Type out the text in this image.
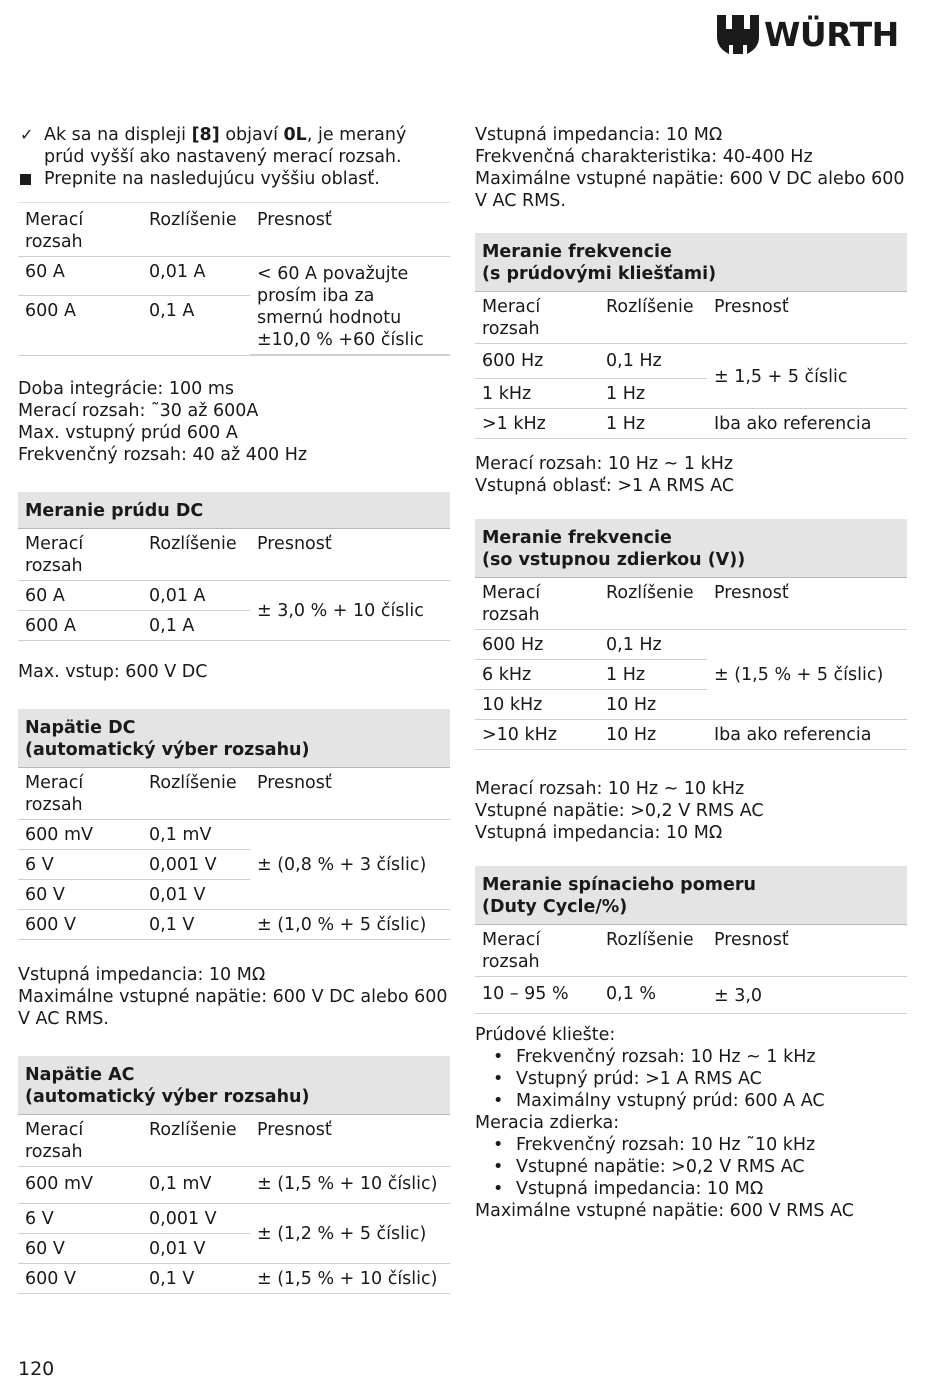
WÜRTH
✓ Ak sa na displeji [8] objaví 0L, je meraný prúd vyšší ako nastavený merací rozsah.
Prepnite na nasledujúcu vyššiu oblasť.
Merací rozsah	Rozlíšenie	Presnosť
60 A	0,01 A	< 60 A považujte prosím iba za smernú hodnotu
±10,0 % +60 číslic

600 A	0,1 A	

Doba integrácie: 100 ms
Merací rozsah: ˜30 až 600A
Max. vstupný prúd 600 A
Frekvenčný rozsah: 40 až 400 Hz
Meranie prúdu DC
Merací rozsah	Rozlíšenie	Presnosť
60 A	0,01 A	± 3,0 % + 10 číslic
600 A	0,1 A	
Max. vstup: 600 V DC
Napätie DC
(automatický výber rozsahu)
Merací rozsah	Rozlíšenie	Presnosť
600 mV	0,1 mV	± (0,8 % + 3 číslic)
6 V	0,001 V	
60 V	0,01 V	
600 V	0,1 V	± (1,0 % + 5 číslic)
Vstupná impedancia: 10 MΩ
Maximálne vstupné napätie: 600 V DC alebo 600 V AC RMS.
Napätie AC
(automatický výber rozsahu)
Merací rozsah	Rozlíšenie	Presnosť
600 mV	0,1 mV	± (1,5 % + 10 číslic)
6 V	0,001 V	± (1,2 % + 5 číslic)
60 V	0,01 V	
600 V	0,1 V	± (1,5 % + 10 číslic)
Vstupná impedancia: 10 MΩ
Frekvenčná charakteristika: 40-400 Hz
Maximálne vstupné napätie: 600 V DC alebo 600 V AC RMS.
Meranie frekvencie
(s prúdovými kliešťami)
Merací rozsah	Rozlíšenie	Presnosť
600 Hz	0,1 Hz	± 1,5 + 5 číslic
1 kHz	1 Hz	
>1 kHz	1 Hz	Iba ako referencia
Merací rozsah: 10 Hz ~ 1 kHz
Vstupná oblasť: >1 A RMS AC
Meranie frekvencie
(so vstupnou zdierkou (V))
Merací rozsah	Rozlíšenie	Presnosť
600 Hz	0,1 Hz	± (1,5 % + 5 číslic)
6 kHz	1 Hz	
10 kHz	10 Hz	
>10 kHz	10 Hz	Iba ako referencia
Merací rozsah: 10 Hz ~ 10 kHz
Vstupné napätie: >0,2 V RMS AC
Vstupná impedancia: 10 MΩ
Meranie spínacieho pomeru
(Duty Cycle/%)
Merací rozsah	Rozlíšenie	Presnosť
10 – 95 %	0,1 %	± 3,0
Prúdové kliešte:
• Frekvenčný rozsah: 10 Hz ~ 1 kHz
• Vstupný prúd: >1 A RMS AC
• Maximálny vstupný prúd: 600 A AC
Meracia zdierka:
• Frekvenčný rozsah: 10 Hz ˜10 kHz
• Vstupné napätie: >0,2 V RMS AC
• Vstupná impedancia: 10 MΩ
Maximálne vstupné napätie: 600 V RMS AC
120
